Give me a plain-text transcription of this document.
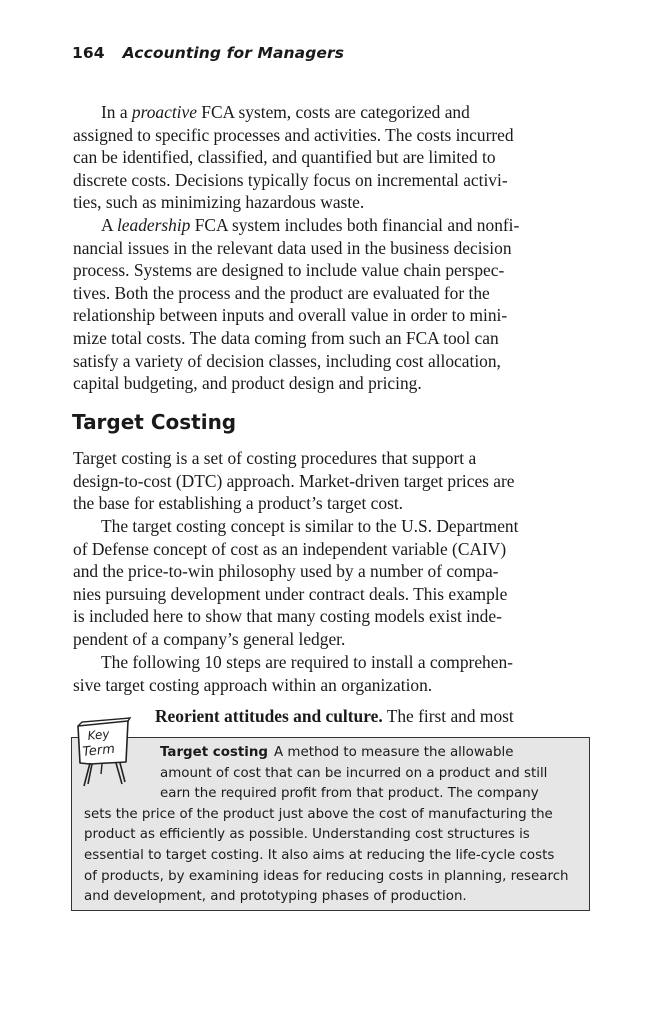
164 Accounting for Managers

In a proactive FCA system, costs are categorized and
assigned to specific processes and activities. The costs incurred
can be identified, classified, and quantified but are limited to
discrete costs. Decisions typically focus on incremental activi-
ties, such as minimizing hazardous waste.

A leadership FCA system includes both financial and nonfi-
nancial issues in the relevant data used in the business decision
process. Systems are designed to include value chain perspec-
tives. Both the process and the product are evaluated for the
relationship between inputs and overall value in order to mini-
mize total costs. The data coming from such an FCA tool can
satisfy a variety of decision classes, including cost allocation,
capital budgeting, and product design and pricing.

Target Costing

Target costing is a set of costing procedures that support a
design-to-cost (DTC) approach. Market-driven target prices are
the base for establishing a product’s target cost.

The target costing concept is similar to the U.S. Department
of Defense concept of cost as an independent variable (CAIV)
and the price-to-win philosophy used by a number of compa-
nies pursuing development under contract deals. This example
is included here to show that many costing models exist inde-
pendent of a company’s general ledger.

The following 10 steps are required to install a comprehen-
sive target costing approach within an organization.

Reorient attitudes and culture. The first and most
Key
Term	Target costing A method to measure the allowable
amount of cost that can be incurred on a product and still
earn the required profit from that product. The company
sets the price of the product just above the cost of manufacturing the
product as efficiently as possible. Understanding cost structures is
essential to target costing. It also aims at reducing the life-cycle costs
of products, by examining ideas for reducing costs in planning, research
and development, and prototyping phases of production.
